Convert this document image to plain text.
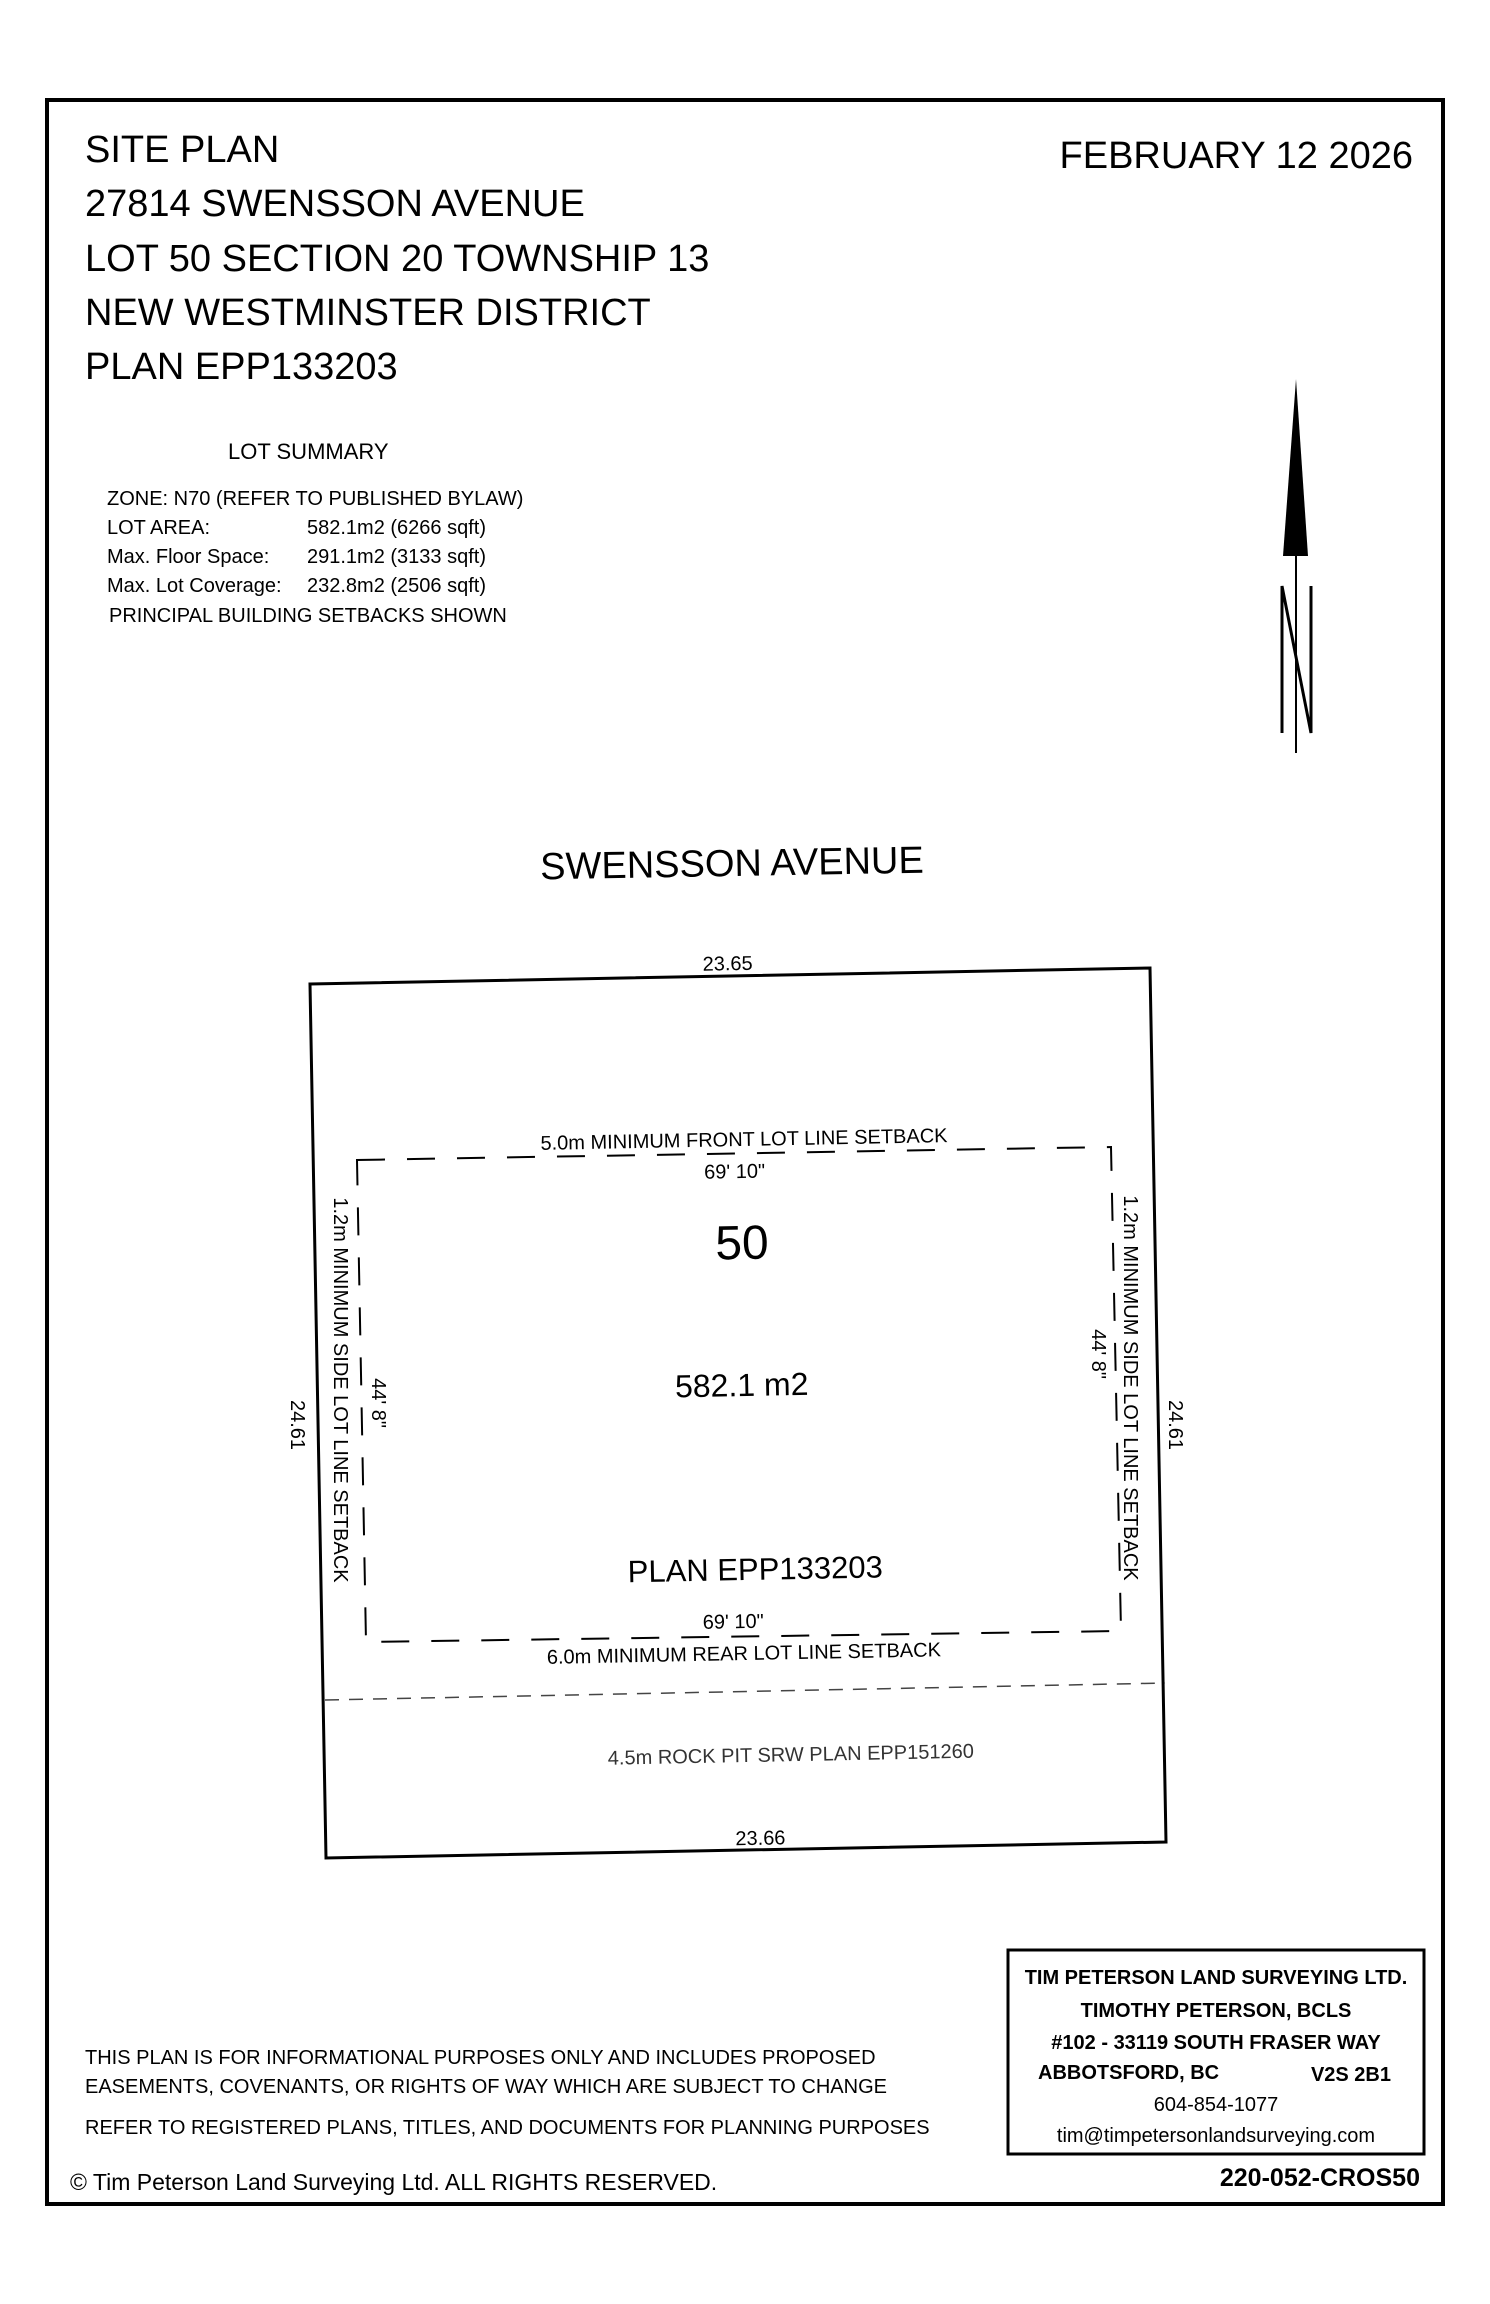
SITE PLAN
27814 SWENSSON AVENUE
LOT 50 SECTION 20 TOWNSHIP 13
NEW WESTMINSTER DISTRICT
PLAN EPP133203
FEBRUARY 12 2026
LOT SUMMARY
ZONE: N70 (REFER TO PUBLISHED BYLAW)
LOT AREA:	582.1m2 (6266 sqft)
Max. Floor Space: 291.1m2 (3133 sqft)
Max. Lot Coverage: 232.8m2 (2506 sqft)
PRINCIPAL BUILDING SETBACKS SHOWN
N
SWENSSON AVENUE
23.65
23.66
5.0m MINIMUM FRONT LOT LINE SETBACK
69' 10"
50
582.1 m2
PLAN EPP133203
69' 10"
6.0m MINIMUM REAR LOT LINE SETBACK
4.5m ROCK PIT SRW PLAN EPP151260
24.61	24.61
1.2m MINIMUM SIDE LOT LINE SETBACK 44' 8"	1.2m MINIMUM SIDE LOT LINE SETBACK
44' 8"
THIS PLAN IS FOR INFORMATIONAL PURPOSES ONLY AND INCLUDES PROPOSED
EASEMENTS, COVENANTS, OR RIGHTS OF WAY WHICH ARE SUBJECT TO CHANGE
REFER TO REGISTERED PLANS, TITLES, AND DOCUMENTS FOR PLANNING PURPOSES
© Tim Peterson Land Surveying Ltd. ALL RIGHTS RESERVED.
TIM PETERSON LAND SURVEYING LTD.
TIMOTHY PETERSON, BCLS
#102 - 33119 SOUTH FRASER WAY
ABBOTSFORD, BC	V2S 2B1
604-854-1077
tim@timpetersonlandsurveying.com
220-052-CROS50
